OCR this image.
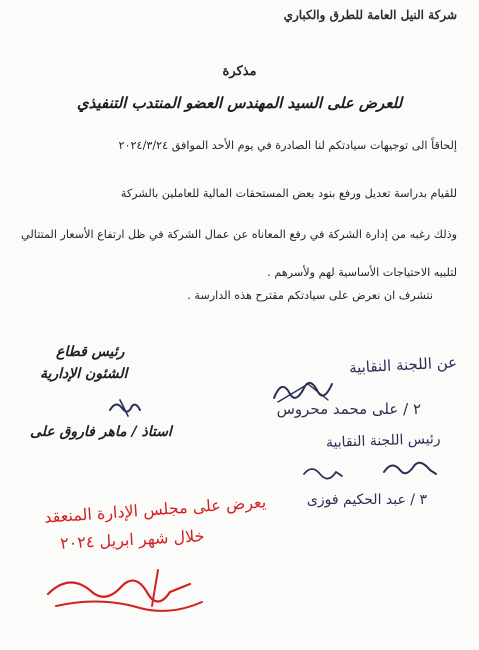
شركة النيل العامة للطرق والكباري
مذكرة
للعرض على السيد المهندس العضو المنتدب التنفيذي
إلحاقاً الى توجيهات سيادتكم لنا الصادرة في يوم الأحد الموافق ٢٠٢٤/٣/٢٤
للقيام بدراسة تعديل ورفع بنود بعض المستحقات المالية للعاملين بالشركة
وذلك رغبه من إدارة الشركة في رفع المعاناه عن عمال الشركة في ظل ارتفاع الأسعار المتتالي
لتلبيه الاحتياجات الأساسية لهم ولأسرهم .
نتشرف ان نعرض على سيادتكم مقترح هذه الدارسة .
رئيس قطاع
الشئون الإدارية
استاذ / ماهر فاروق على
عن اللجنة النقابية
٢ / على محمد محروس
رئيس اللجنة النقابية
٣ / عبد الحكيم فوزى
يعرض على مجلس الإدارة المنعقد
خلال شهر ابريل ٢٠٢٤
